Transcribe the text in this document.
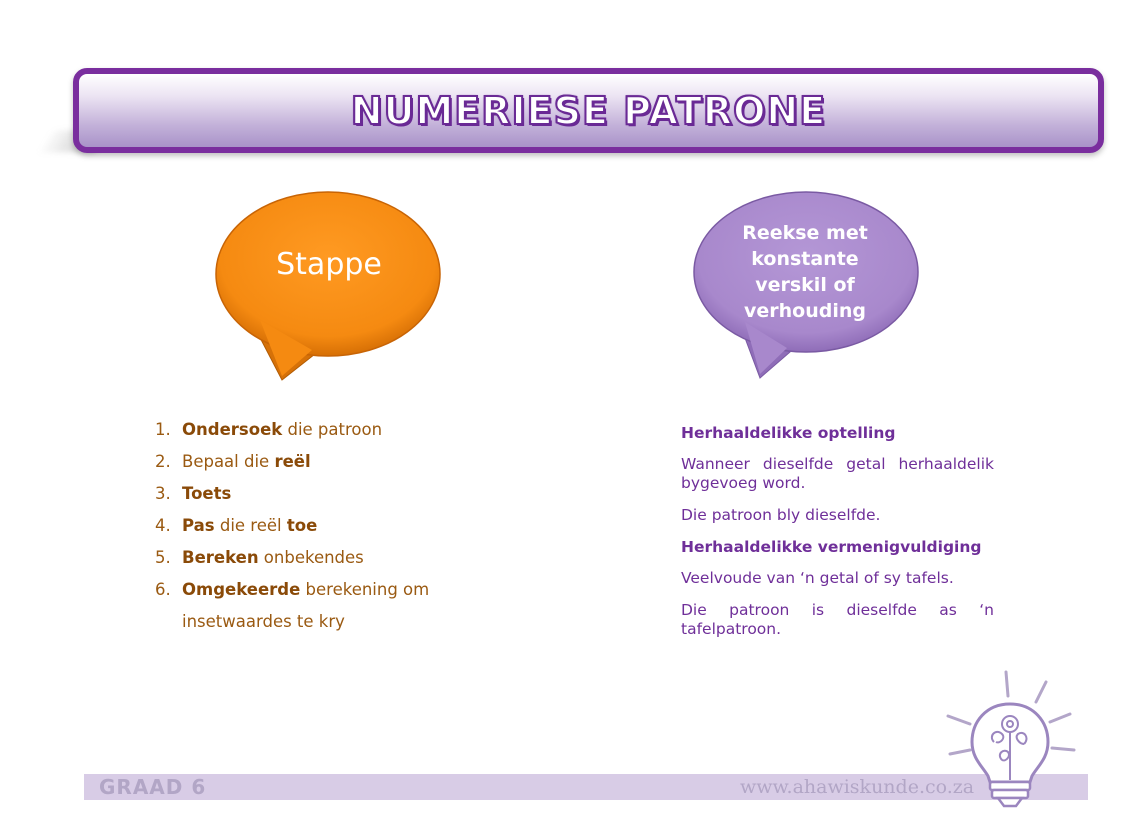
NUMERIESE PATRONE
Stappe
Reekse met
konstante
verskil of
verhouding
1. Ondersoek die patroon
2. Bepaal die reël
3. Toets
4. Pas die reël toe
5. Bereken onbekendes
6. Omgekeerde berekening om
insetwaardes te kry
Herhaaldelikke optelling
Wanneer dieselfde getal herhaaldelik bygevoeg word.
Die patroon bly dieselfde.
Herhaaldelikke vermenigvuldiging
Veelvoude van ‘n getal of sy tafels.
Die patroon is dieselfde as ‘n tafelpatroon.
GRAAD 6	www.ahawiskunde.co.za
